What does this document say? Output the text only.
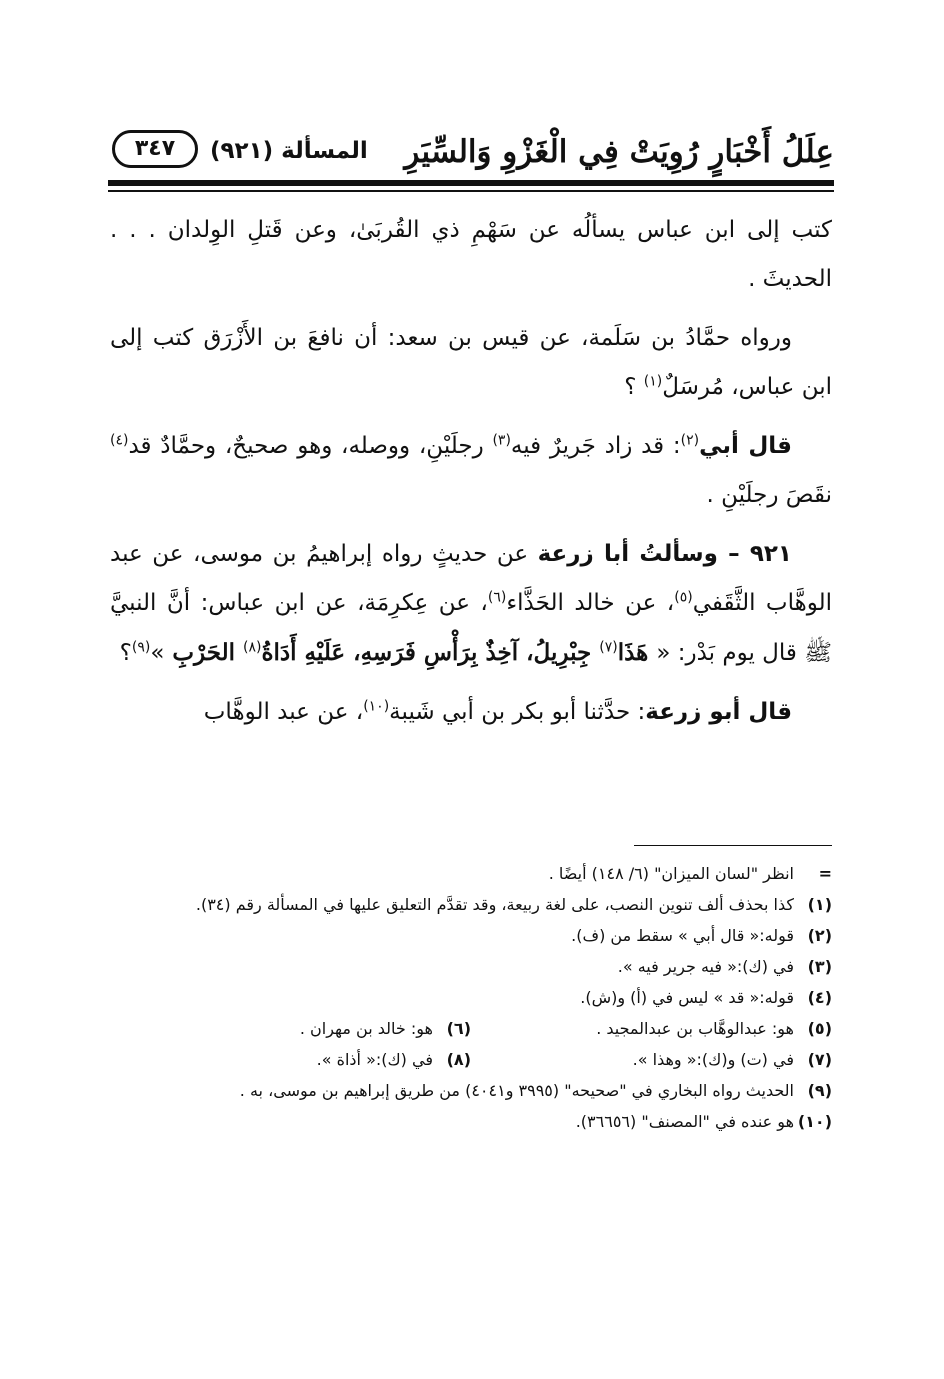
عِلَلُ أَخْبَارٍ رُوِيَتْ فِي الْغَزْوِ وَالسِّيَرِ
المسألة (٩٢١)
٣٤٧

كتب إلى ابن عباس يسألُه عن سَهْمِ ذي القُربَىٰ، وعن قَتلِ الوِلدان . . . الحديثَ .

ورواه حمَّادُ بن سَلَمة، عن قيس بن سعد: أن نافعَ بن الأَزْرَق كتب إلى ابن عباس، مُرسَلٌ$^{(١)}$ ؟

قال أبي$^{(٢)}$: قد زاد جَريرٌ فيه$^{(٣)}$ رجلَيْنِ، ووصله، وهو صحيحٌ، وحمَّادٌ قد$^{(٤)}$ نقَصَ رجلَيْنِ .

٩٢١ – وسألتُ أبا زرعة عن حديثٍ رواه إبراهيمُ بن موسى، عن عبد الوهَّاب الثَّقَفي$^{(٥)}$، عن خالد الحَذَّاء$^{(٦)}$، عن عِكرِمَة، عن ابن عباس: أنَّ النبيَّ ﷺ قال يوم بَدْر: « هَذَا$^{(٧)}$ جِبْرِيلُ، آخِذٌ بِرَأْسِ فَرَسِهِ، عَلَيْهِ أَدَاةُ$^{(٨)}$ الحَرْبِ »$^{(٩)}$؟

قال أبو زرعة: حدَّثنا أبو بكر بن أبي شَيبة$^{(١٠)}$، عن عبد الوهَّاب

=
انظر "لسان الميزان" (٦/ ١٤٨) أيضًا .
(١)
كذا بحذف ألف تنوين النصب، على لغة ربيعة، وقد تقدَّم التعليق عليها في المسألة رقم (٣٤).
(٢)
قوله:« قال أبي » سقط من (ف).
(٣)
في (ك):« فيه جرير فيه ».
(٤)
قوله:« قد » ليس في (أ) و(ش).
(٥)
هو: عبدالوهَّاب بن عبدالمجيد .
(٦)
هو: خالد بن مهران .
(٧)
في (ت) و(ك):« وهذا ».
(٨)
في (ك):« أذاة ».
(٩)
الحديث رواه البخاري في "صحيحه" (٣٩٩٥ و٤٠٤١) من طريق إبراهيم بن موسى، به .
(١٠)
هو عنده في "المصنف" (٣٦٦٥٦).
